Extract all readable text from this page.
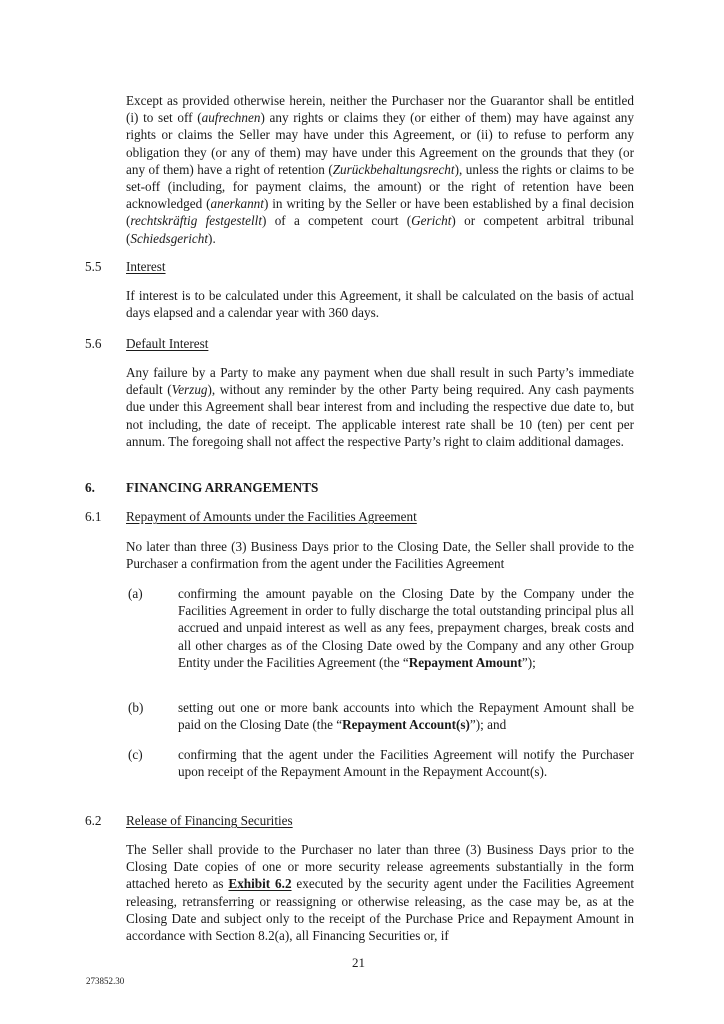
Except as provided otherwise herein, neither the Purchaser nor the Guarantor shall be entitled (i) to set off (aufrechnen) any rights or claims they (or either of them) may have against any rights or claims the Seller may have under this Agreement, or (ii) to refuse to perform any obligation they (or any of them) may have under this Agreement on the grounds that they (or any of them) have a right of retention (Zurückbehaltungsrecht), unless the rights or claims to be set-off (including, for payment claims, the amount) or the right of retention have been acknowledged (anerkannt) in writing by the Seller or have been established by a final decision (rechtskräftig festgestellt) of a competent court (Gericht) or competent arbitral tribunal (Schiedsgericht).

5.5 Interest

If interest is to be calculated under this Agreement, it shall be calculated on the basis of actual days elapsed and a calendar year with 360 days.

5.6 Default Interest

Any failure by a Party to make any payment when due shall result in such Party’s immediate default (Verzug), without any reminder by the other Party being required. Any cash payments due under this Agreement shall bear interest from and including the respective due date to, but not including, the date of receipt. The applicable interest rate shall be 10 (ten) per cent per annum. The foregoing shall not affect the respective Party’s right to claim additional damages.

6. FINANCING ARRANGEMENTS

6.1 Repayment of Amounts under the Facilities Agreement

No later than three (3) Business Days prior to the Closing Date, the Seller shall provide to the Purchaser a confirmation from the agent under the Facilities Agreement

(a)	confirming the amount payable on the Closing Date by the Company under the Facilities Agreement in order to fully discharge the total outstanding principal plus all accrued and unpaid interest as well as any fees, prepayment charges, break costs and all other charges as of the Closing Date owed by the Company and any other Group Entity under the Facilities Agreement (the “Repayment Amount”);

(b)	setting out one or more bank accounts into which the Repayment Amount shall be paid on the Closing Date (the “Repayment Account(s)”); and

(c)	confirming that the agent under the Facilities Agreement will notify the Purchaser upon receipt of the Repayment Amount in the Repayment Account(s).

6.2 Release of Financing Securities

The Seller shall provide to the Purchaser no later than three (3) Business Days prior to the Closing Date copies of one or more security release agreements substantially in the form attached hereto as Exhibit 6.2 executed by the security agent under the Facilities Agreement releasing, retransferring or reassigning or otherwise releasing, as the case may be, as at the Closing Date and subject only to the receipt of the Purchase Price and Repayment Amount in accordance with Section 8.2(a), all Financing Securities or, if

21
273852.30
